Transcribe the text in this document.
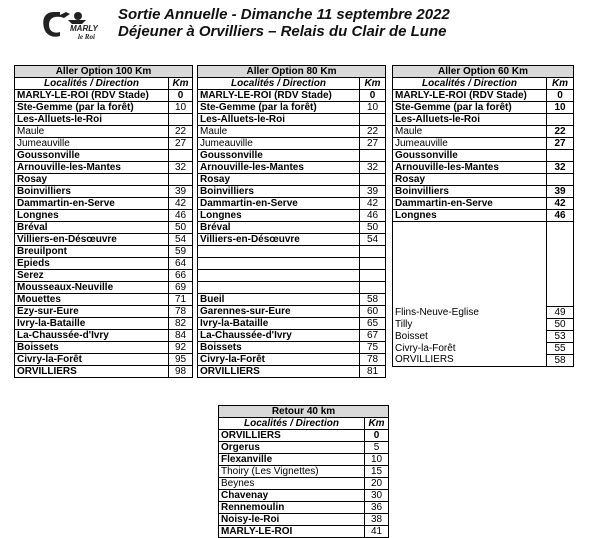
MARLY
le Roi
Sortie Annuelle - Dimanche 11 septembre 2022
Déjeuner à Orvilliers – Relais du Clair de Lune
Aller Option 100 Km	
Localités / Direction	Km
MARLY-LE-ROI (RDV Stade)	0
Ste-Gemme (par la forêt)	10
Les-Alluets-le-Roi	
Maule	22
Jumeauville	27
Goussonville	
Arnouville-les-Mantes	32
Rosay	
Boinvilliers	39
Dammartin-en-Serve	42
Longnes	46
Bréval	50
Villiers-en-Désœuvre	54
Breuilpont	59
Epieds	64
Serez	66
Mousseaux-Neuville	69
Mouettes	71
Ezy-sur-Eure	78
Ivry-la-Bataille	82
La-Chaussée-d'Ivry	84
Boissets	92
Civry-la-Forêt	95
ORVILLIERS	98
Aller Option 80 Km	
Localités / Direction	Km
MARLY-LE-ROI (RDV Stade)	0
Ste-Gemme (par la forêt)	10
Les-Alluets-le-Roi	
Maule	22
Jumeauville	27
Goussonville	
Arnouville-les-Mantes	32
Rosay	
Boinvilliers	39
Dammartin-en-Serve	42
Longnes	46
Bréval	50
Villiers-en-Désœuvre	54

Bueil	58
Garennes-sur-Eure	60
Ivry-la-Bataille	65
La-Chaussée-d'Ivry	67
Boissets	75
Civry-la-Forêt	78
ORVILLIERS	81
Aller Option 60 Km	
Localités / Direction	Km
MARLY-LE-ROI (RDV Stade)	0
Ste-Gemme (par la forêt)	10
Les-Alluets-le-Roi	
Maule	22
Jumeauville	27
Goussonville	
Arnouville-les-Mantes	32
Rosay	
Boinvilliers	39
Dammartin-en-Serve	42
Longnes	46

Flins-Neuve-Eglise	49
Tilly	50
Boisset	53
Civry-la-Forêt	55
ORVILLIERS	58
Retour 40 km	
Localités / Direction	Km
ORVILLIERS	0
Orgerus	5
Flexanville	10
Thoiry (Les Vignettes)	15
Beynes	20
Chavenay	30
Rennemoulin	36
Noisy-le-Roi	38
MARLY-LE-ROI	41
